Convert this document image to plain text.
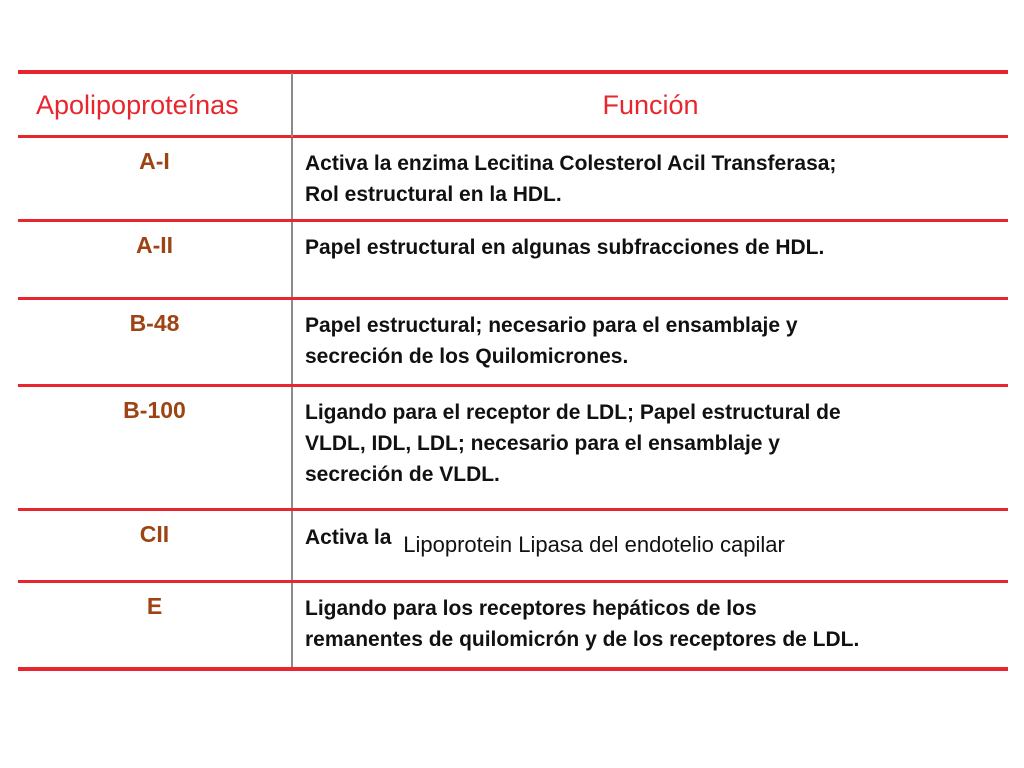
Apolipoproteínas	Función
A-I	Activa la enzima Lecitina Colesterol Acil Transferasa;
Rol estructural en la HDL.
A-II	Papel estructural en algunas subfracciones de HDL.
B-48	Papel estructural; necesario para el ensamblaje y
secreción de los Quilomicrones.
B-100	Ligando para el receptor de LDL; Papel estructural de
VLDL, IDL, LDL; necesario para el ensamblaje y
secreción de VLDL.
CII	Activa la Lipoprotein Lipasa del endotelio capilar
E	Ligando para los receptores hepáticos de los
remanentes de quilomicrón y de los receptores de LDL.
